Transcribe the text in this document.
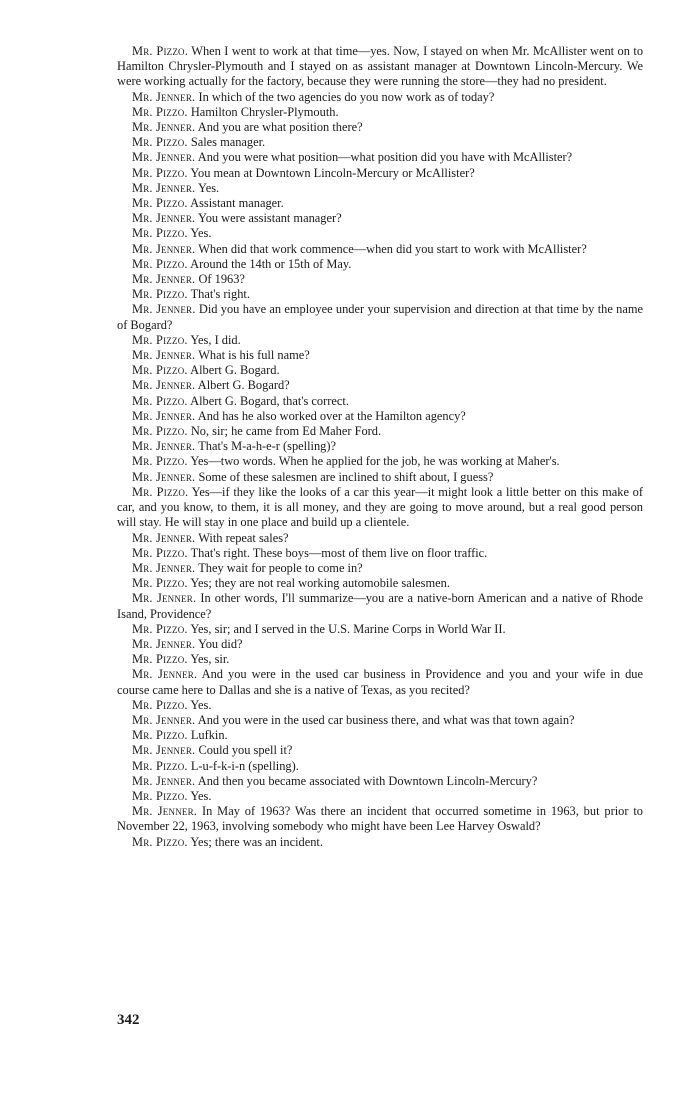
Mr. Pizzo. When I went to work at that time—yes. Now, I stayed on when Mr. McAllister went on to Hamilton Chrysler-Plymouth and I stayed on as assistant manager at Downtown Lincoln-Mercury. We were working actually for the factory, because they were running the store—they had no president.

Mr. Jenner. In which of the two agencies do you now work as of today?

Mr. Pizzo. Hamilton Chrysler-Plymouth.

Mr. Jenner. And you are what position there?

Mr. Pizzo. Sales manager.

Mr. Jenner. And you were what position—what position did you have with McAllister?

Mr. Pizzo. You mean at Downtown Lincoln-Mercury or McAllister?

Mr. Jenner. Yes.

Mr. Pizzo. Assistant manager.

Mr. Jenner. You were assistant manager?

Mr. Pizzo. Yes.

Mr. Jenner. When did that work commence—when did you start to work with McAllister?

Mr. Pizzo. Around the 14th or 15th of May.

Mr. Jenner. Of 1963?

Mr. Pizzo. That's right.

Mr. Jenner. Did you have an employee under your supervision and direction at that time by the name of Bogard?

Mr. Pizzo. Yes, I did.

Mr. Jenner. What is his full name?

Mr. Pizzo. Albert G. Bogard.

Mr. Jenner. Albert G. Bogard?

Mr. Pizzo. Albert G. Bogard, that's correct.

Mr. Jenner. And has he also worked over at the Hamilton agency?

Mr. Pizzo. No, sir; he came from Ed Maher Ford.

Mr. Jenner. That's M-a-h-e-r (spelling)?

Mr. Pizzo. Yes—two words. When he applied for the job, he was working at Maher's.

Mr. Jenner. Some of these salesmen are inclined to shift about, I guess?

Mr. Pizzo. Yes—if they like the looks of a car this year—it might look a little better on this make of car, and you know, to them, it is all money, and they are going to move around, but a real good person will stay. He will stay in one place and build up a clientele.

Mr. Jenner. With repeat sales?

Mr. Pizzo. That's right. These boys—most of them live on floor traffic.

Mr. Jenner. They wait for people to come in?

Mr. Pizzo. Yes; they are not real working automobile salesmen.

Mr. Jenner. In other words, I'll summarize—you are a native-born American and a native of Rhode Isand, Providence?

Mr. Pizzo. Yes, sir; and I served in the U.S. Marine Corps in World War II.

Mr. Jenner. You did?

Mr. Pizzo. Yes, sir.

Mr. Jenner. And you were in the used car business in Providence and you and your wife in due course came here to Dallas and she is a native of Texas, as you recited?

Mr. Pizzo. Yes.

Mr. Jenner. And you were in the used car business there, and what was that town again?

Mr. Pizzo. Lufkin.

Mr. Jenner. Could you spell it?

Mr. Pizzo. L-u-f-k-i-n (spelling).

Mr. Jenner. And then you became associated with Downtown Lincoln-Mercury?

Mr. Pizzo. Yes.

Mr. Jenner. In May of 1963? Was there an incident that occurred sometime in 1963, but prior to November 22, 1963, involving somebody who might have been Lee Harvey Oswald?

Mr. Pizzo. Yes; there was an incident.

342
